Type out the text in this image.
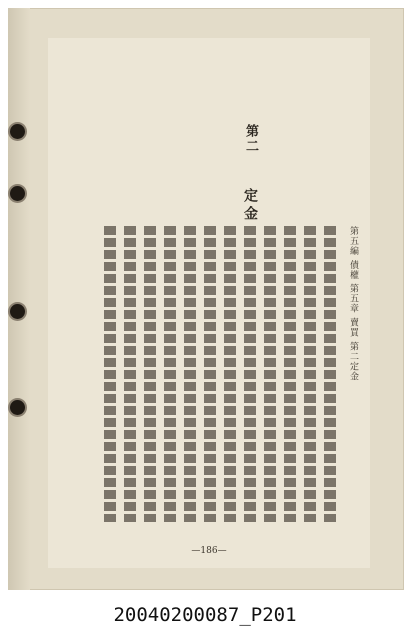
第五編 債權 第五章 賣買 第二定金
第二
定金
—186—
20040200087_P201
